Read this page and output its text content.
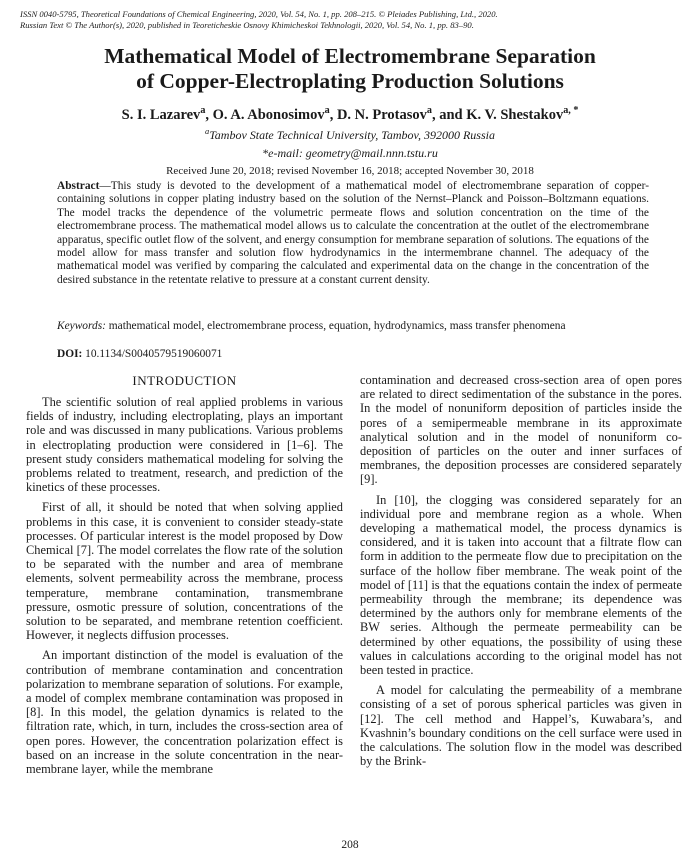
ISSN 0040-5795, Theoretical Foundations of Chemical Engineering, 2020, Vol. 54, No. 1, pp. 208–215. © Pleiades Publishing, Ltd., 2020.
Russian Text © The Author(s), 2020, published in Teoreticheskie Osnovy Khimicheskoi Tekhnologii, 2020, Vol. 54, No. 1, pp. 83–90.
Mathematical Model of Electromembrane Separation
of Copper-Electroplating Production Solutions
S. I. Lazarev$^a$, O. A. Abonosimov$^a$, D. N. Protasov$^a$, and K. V. Shestakov$^{a, *}$
$^a$Tambov State Technical University, Tambov, 392000 Russia
*e-mail: geometry@mail.nnn.tstu.ru
Received June 20, 2018; revised November 16, 2018; accepted November 30, 2018
Abstract—This study is devoted to the development of a mathematical model of electromembrane separation of copper-containing solutions in copper plating industry based on the solution of the Nernst–Planck and Poisson–Boltzmann equations. The model tracks the dependence of the volumetric permeate flows and solution concentration on the time of the electromembrane process. The mathematical model allows us to calculate the concentration at the outlet of the electromembrane apparatus, specific outlet flow of the solvent, and energy consumption for membrane separation of solutions. The equations of the model allow for mass transfer and solution flow hydrodynamics in the intermembrane channel. The adequacy of the mathematical model was verified by comparing the calculated and experimental data on the change in the concentration of the desired substance in the retentate relative to pressure at a constant current density.
Keywords: mathematical model, electromembrane process, equation, hydrodynamics, mass transfer phenomena
DOI: 10.1134/S0040579519060071
INTRODUCTION

The scientific solution of real applied problems in various fields of industry, including electroplating, plays an important role and was discussed in many publications. Various problems in electroplating production were considered in [1–6]. The present study considers mathematical modeling for solving the problems related to treatment, research, and prediction of the kinetics of these processes.

First of all, it should be noted that when solving applied problems in this case, it is convenient to consider steady-state processes. Of particular interest is the model proposed by Dow Chemical [7]. The model correlates the flow rate of the solution to be separated with the number and area of membrane elements, solvent permeability across the membrane, process temperature, membrane contamination, transmembrane pressure, osmotic pressure of solution, concentrations of the solution to be separated, and membrane retention coefficient. However, it neglects diffusion processes.

An important distinction of the model is evaluation of the contribution of membrane contamination and concentration polarization to membrane separation of solutions. For example, a model of complex membrane contamination was proposed in [8]. In this model, the gelation dynamics is related to the filtration rate, which, in turn, includes the cross-section area of open pores. However, the concentration polarization effect is based on an increase in the solute concentration in the near-membrane layer, while the membrane

contamination and decreased cross-section area of open pores are related to direct sedimentation of the substance in the pores. In the model of nonuniform deposition of particles inside the pores of a semipermeable membrane in its approximate analytical solution and in the model of nonuniform co-deposition of particles on the outer and inner surfaces of membranes, the deposition processes are considered separately [9].

In [10], the clogging was considered separately for an individual pore and membrane region as a whole. When developing a mathematical model, the process dynamics is considered, and it is taken into account that a filtrate flow can form in addition to the permeate flow due to precipitation on the surface of the hollow fiber membrane. The weak point of the model of [11] is that the equations contain the index of permeate permeability through the membrane; its dependence was determined by the authors only for membrane elements of the BW series. Although the permeate permeability can be determined by other equations, the possibility of using these values in calculations according to the original model has not been tested in practice.

A model for calculating the permeability of a membrane consisting of a set of porous spherical particles was given in [12]. The cell method and Happel’s, Kuwabara’s, and Kvashnin’s boundary conditions on the cell surface were used in the calculations. The solution flow in the model was described by the Brink-

208
